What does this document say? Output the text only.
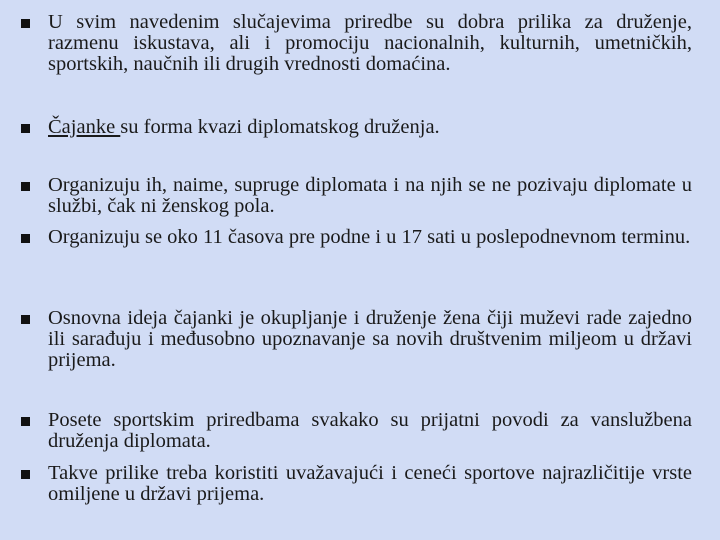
U svim navedenim slučajevima priredbe su dobra prilika za druženje, razmenu iskustava, ali i promociju nacionalnih, kulturnih, umetničkih, sportskih, naučnih ili drugih vrednosti domaćina.
Čajanke su forma kvazi diplomatskog druženja.
Organizuju ih, naime, supruge diplomata i na njih se ne pozivaju diplomate u službi, čak ni ženskog pola.
Organizuju se oko 11 časova pre podne i u 17 sati u poslepodnevnom terminu.
Osnovna ideja čajanki je okupljanje i druženje žena čiji muževi rade zajedno ili sarađuju i međusobno upoznavanje sa novih društvenim miljeom u državi prijema.
Posete sportskim priredbama svakako su prijatni povodi za vanslužbena druženja diplomata.
Takve prilike treba koristiti uvažavajući i ceneći sportove najrazličitije vrste omiljene u državi prijema.
